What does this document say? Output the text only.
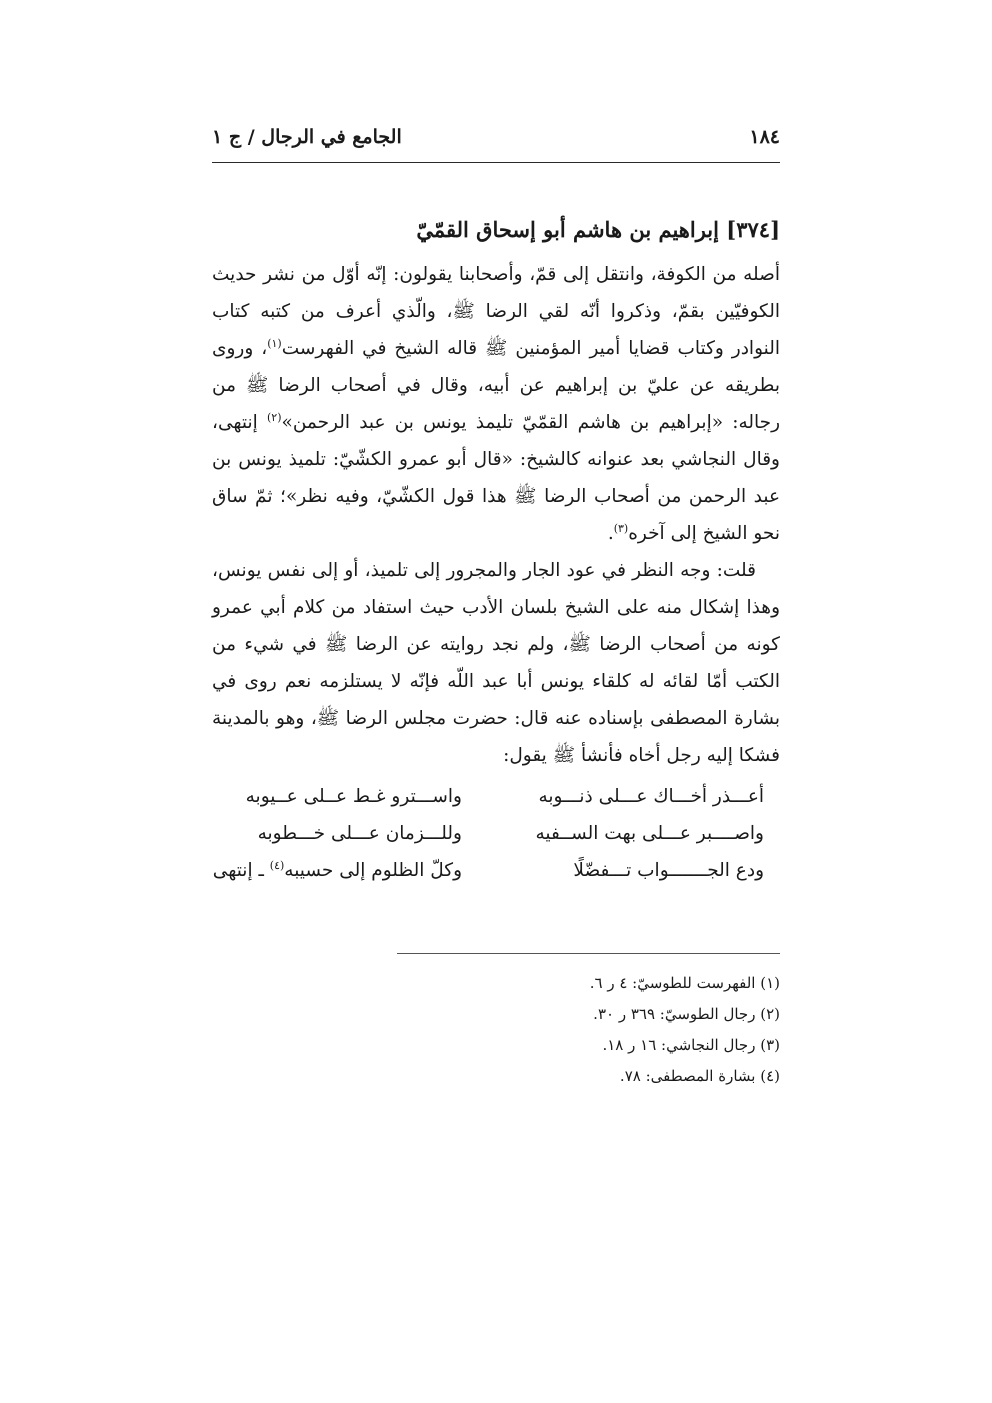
١٨٤
الجامع في الرجال / ج ١
[٣٧٤] إبراهيم بن هاشم أبو إسحاق القمّيّ

أصله من الكوفة، وانتقل إلى قمّ، وأصحابنا يقولون: إنّه أوّل من نشر حديث الكوفيّين بقمّ، وذكروا أنّه لقي الرضا ﷺ، والّذي أعرف من كتبه كتاب النوادر وكتاب قضايا أمير المؤمنين ﷺ قاله الشيخ في الفهرست$^{(١)}$، وروى بطريقه عن عليّ بن إبراهيم عن أبيه، وقال في أصحاب الرضا ﷺ من رجاله: «إبراهيم بن هاشم القمّيّ تليمذ يونس بن عبد الرحمن»$^{(٢)}$ إنتهى، وقال النجاشي بعد عنوانه كالشيخ: «قال أبو عمرو الكشّيّ: تلميذ يونس بن عبد الرحمن من أصحاب الرضا ﷺ هذا قول الكشّيّ، وفيه نظر»؛ ثمّ ساق نحو الشيخ إلى آخره$^{(٣)}$.

قلت: وجه النظر في عود الجار والمجرور إلى تلميذ، أو إلى نفس يونس، وهذا إشكال منه على الشيخ بلسان الأدب حيث استفاد من كلام أبي عمرو كونه من أصحاب الرضا ﷺ، ولم نجد روايته عن الرضا ﷺ في شيء من الكتب أمّا لقائه له كلقاء يونس أبا عبد اللّه فإنّه لا يستلزمه نعم روى في بشارة المصطفى بإسناده عنه قال: حضرت مجلس الرضا ﷺ، وهو بالمدينة فشكا إليه رجل أخاه فأنشأ ﷺ يقول:

أعـــذر أخـــاك عـــلى ذنـــوبه
واســـترو غـط عــلى عــيوبه
واصــــبر عـــلى بهت الســفيه
وللـــزمان عـــلى خـــطوبه
ودع الجـــــــواب تـــفضّلًا
وكلّ الظلوم إلى حسيبه$^{(٤)}$ ـ إنتهى

(١) الفهرست للطوسيّ: ٤ ر ٦.

(٢) رجال الطوسيّ: ٣٦٩ ر ٣٠.

(٣) رجال النجاشي: ١٦ ر ١٨.

(٤) بشارة المصطفى: ٧٨.
